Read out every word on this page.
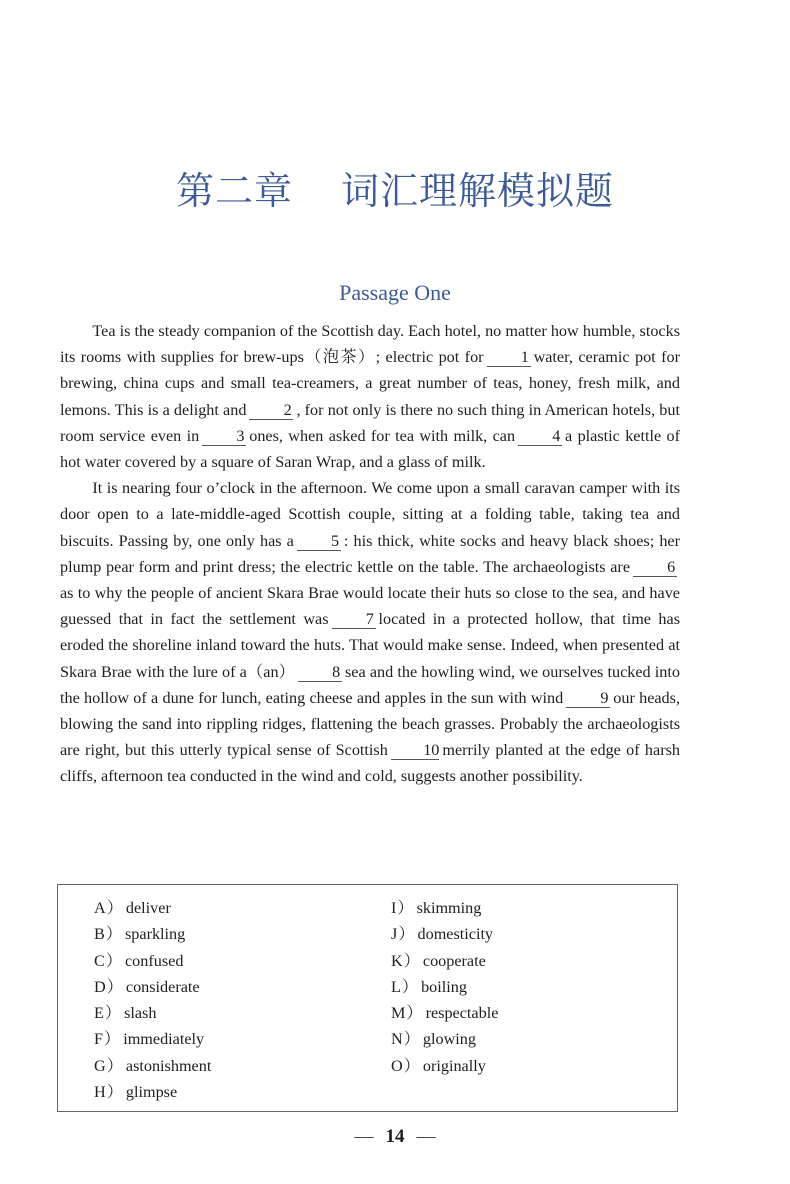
第二章 词汇理解模拟题
Passage One

Tea is the steady companion of the Scottish day. Each hotel, no matter how humble, stocks its rooms with supplies for brew-ups（泡茶）; electric pot for 1 water, ceramic pot for brewing, china cups and small tea-creamers, a great number of teas, honey, fresh milk, and lemons. This is a delight and 2 , for not only is there no such thing in American hotels, but room service even in 3 ones, when asked for tea with milk, can 4 a plastic kettle of hot water covered by a square of Saran Wrap, and a glass of milk.

It is nearing four o’clock in the afternoon. We come upon a small caravan camper with its door open to a late-middle-aged Scottish couple, sitting at a folding table, taking tea and biscuits. Passing by, one only has a 5 : his thick, white socks and heavy black shoes; her plump pear form and print dress; the electric kettle on the table. The archaeologists are 6as to why the people of ancient Skara Brae would locate their huts so close to the sea, and have guessed that in fact the settlement was 7 located in a protected hollow, that time has eroded the shoreline inland toward the huts. That would make sense. Indeed, when presented at Skara Brae with the lure of a（an） 8 sea and the howling wind, we ourselves tucked into the hollow of a dune for lunch, eating cheese and apples in the sun with wind 9 our heads, blowing the sand into rippling ridges, flattening the beach grasses. Probably the archaeologists are right, but this utterly typical sense of Scottish 10 merrily planted at the edge of harsh cliffs, afternoon tea conducted in the wind and cold, suggests another possibility.

A） deliver
B） sparkling
C） confused
D） considerate
E） slash
F） immediately
G） astonishment
H） glimpse
I） skimming
J） domesticity
K） cooperate
L） boiling
M） respectable
N） glowing
O） originally
— 14 —
